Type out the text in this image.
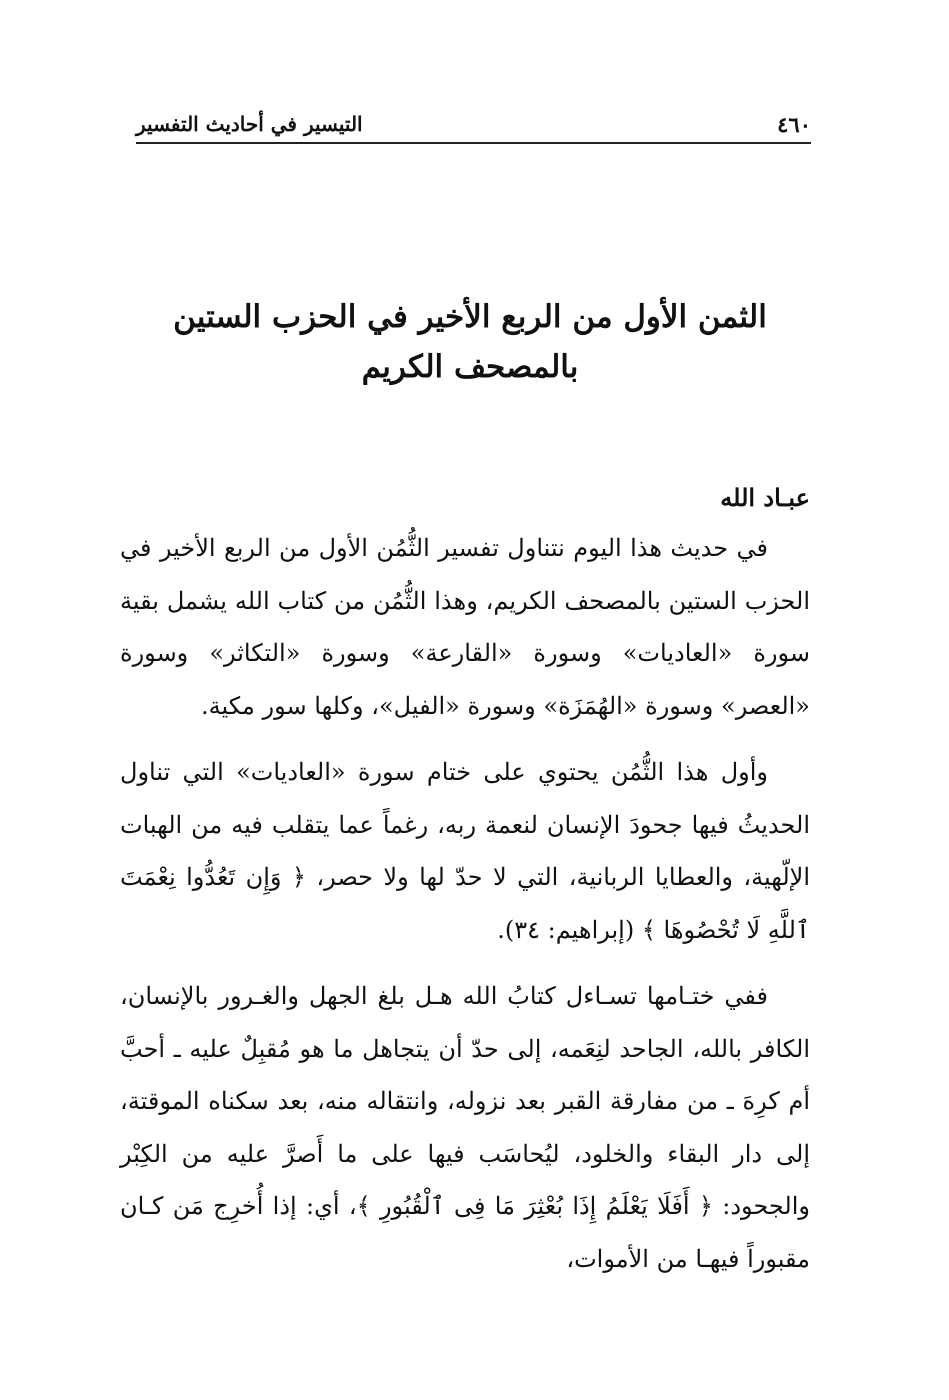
٤٦٠
التيسير في أحاديث التفسير
الثمن الأول من الربع الأخير في الحزب الستين بالمصحف الكريم
عبـاد الله

في حديث هذا اليوم نتناول تفسير الثُّمُن الأول من الربع الأخير في الحزب الستين بالمصحف الكريم، وهذا الثُّمُن من كتاب الله يشمل بقية سورة «العاديات» وسورة «القارعة» وسورة «التكاثر» وسورة «العصر» وسورة «الهُمَزَة» وسورة «الفيل»، وكلها سور مكية.

وأول هذا الثُّمُن يحتوي على ختام سورة «العاديات» التي تناول الحديثُ فيها جحودَ الإنسان لنعمة ربه، رغماً عما يتقلب فيه من الهبات الإلّهية، والعطايا الربانية، التي لا حدّ لها ولا حصر، ﴿ وَإِن تَعُدُّوا نِعْمَتَ ٱللَّهِ لَا تُحْصُوهَا ﴾ (إبراهيم: ٣٤).

ففي ختـامها تسـاءل كتابُ الله هـل بلغ الجهل والغـرور بالإنسان، الكافر بالله، الجاحد لنِعَمه، إلى حدّ أن يتجاهل ما هو مُقبِلٌ عليه ـ أحبَّ أم كرِهَ ـ من مفارقة القبر بعد نزوله، وانتقاله منه، بعد سكناه الموقتة، إلى دار البقاء والخلود، ليُحاسَب فيها على ما أَصرَّ عليه من الكِبْر والجحود: ﴿ أَفَلَا يَعْلَمُ إِذَا بُعْثِرَ مَا فِى ٱلْقُبُورِ ﴾، أي: إذا أُخرِج مَن كـان مقبوراً فيهـا من الأموات،
